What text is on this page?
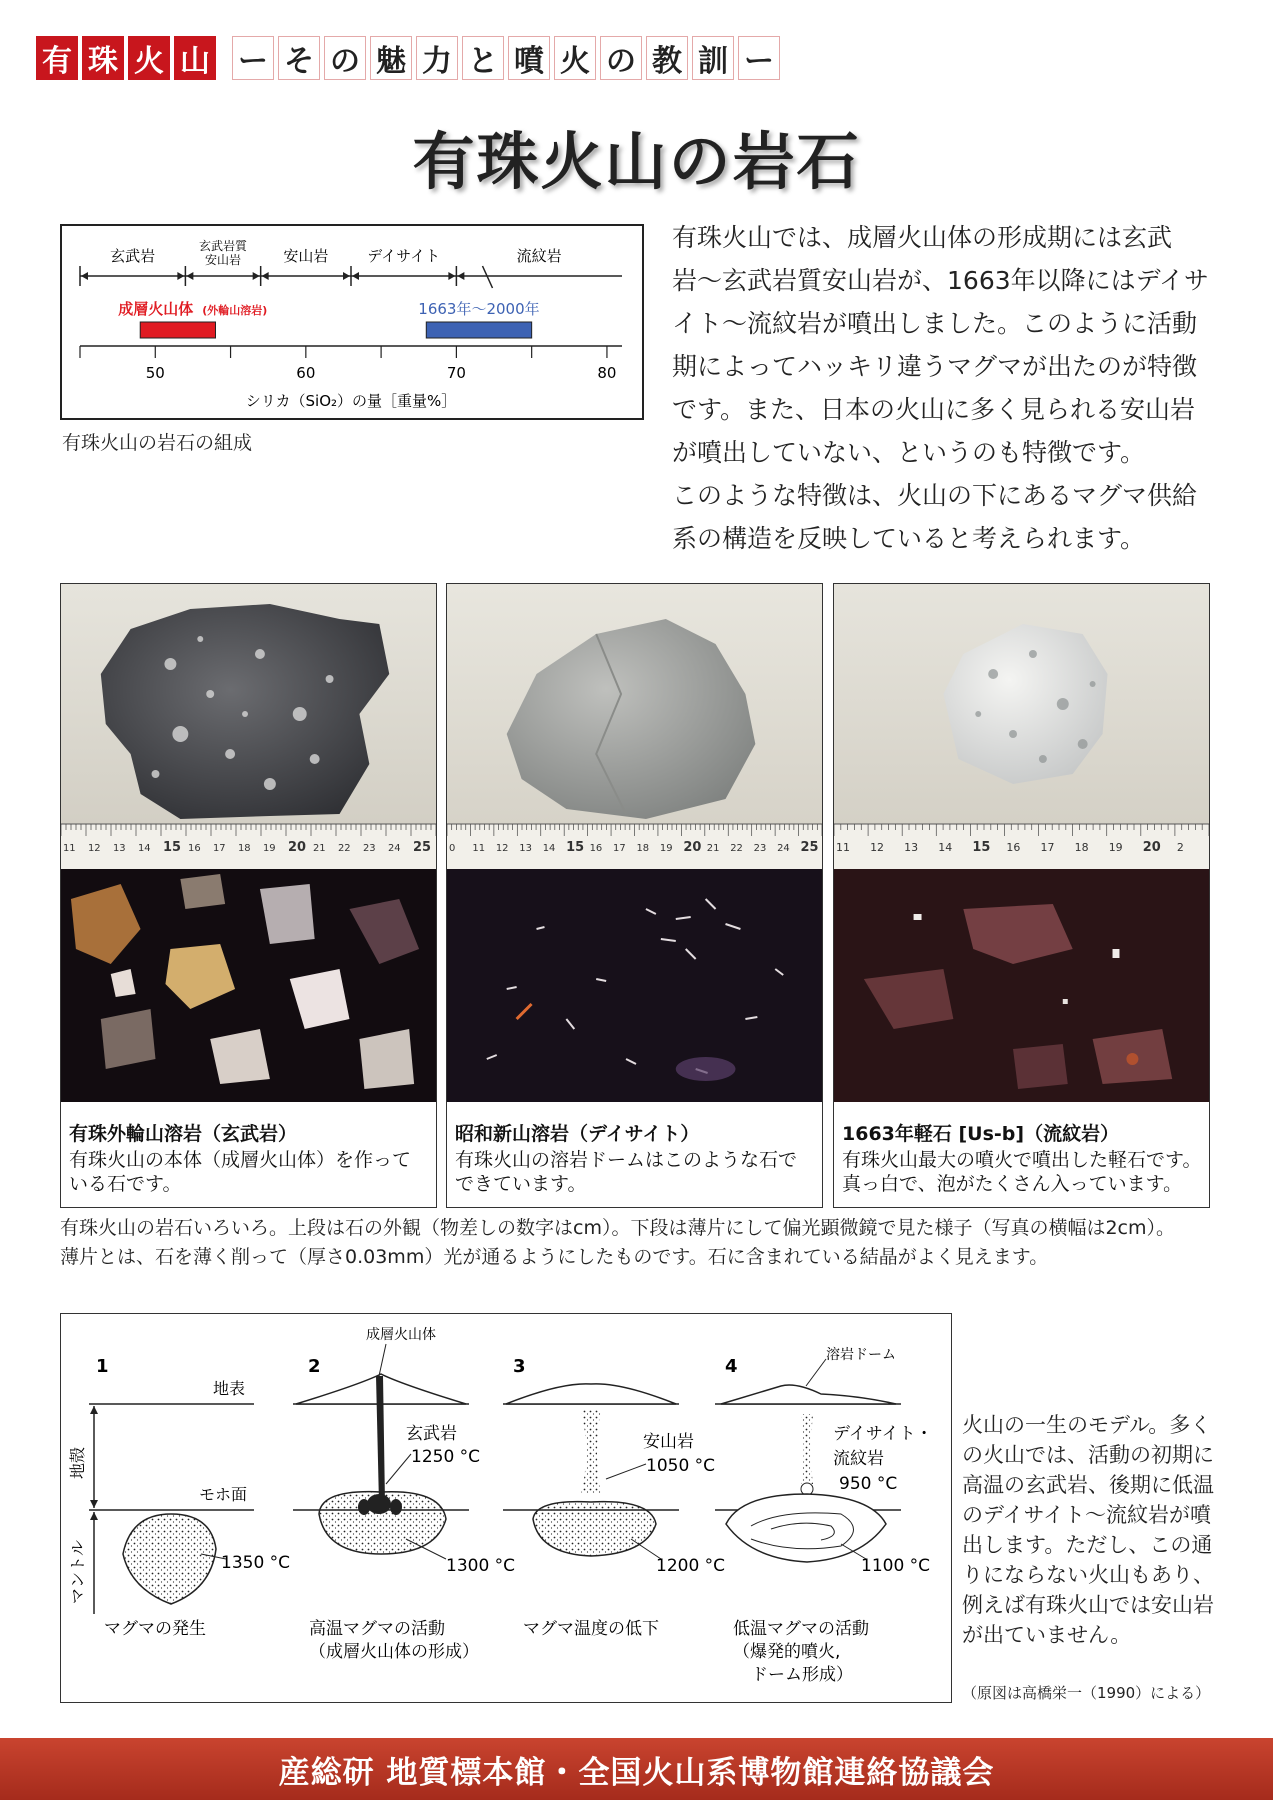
有 珠 火 山 ー そ の 魅 力 と 噴 火 の 教 訓 ー
有珠火山の岩石
玄武岩
玄武岩質
安山岩	安山岩	デイサイト	流紋岩
成層火山体 (外輪山溶岩)	1663年〜2000年
50	60	70	80
シリカ（SiO₂）の量［重量%］
有珠火山の岩石の組成

有珠火山では、成層火山体の形成期には玄武岩〜玄武岩質安山岩が、1663年以降にはデイサイト〜流紋岩が噴出しました。このように活動期によってハッキリ違うマグマが出たのが特徴です。また、日本の火山に多く見られる安山岩が噴出していない、というのも特徴です。

このような特徴は、火山の下にあるマグマ供給系の構造を反映していると考えられます。

11 12 13 14 15 16 17 18 19 20 21 22 23 24 25
有珠外輪山溶岩（玄武岩）
有珠火山の本体（成層火山体）を作っている石です。
0 11 12 13 14 15 16 17 18 19 20 21 22 23 24 25
昭和新山溶岩（デイサイト）
有珠火山の溶岩ドームはこのような石でできています。
11 12 13 14 15 16 17 18 19 20 2
1663年軽石 [Us-b]（流紋岩）
有珠火山最大の噴火で噴出した軽石です。真っ白で、泡がたくさん入っています。
有珠火山の岩石いろいろ。上段は石の外観（物差しの数字はcm）。下段は薄片にして偏光顕微鏡で見た様子（写真の横幅は2cm）。
薄片とは、石を薄く削って（厚さ0.03mm）光が通るようにしたものです。石に含まれている結晶がよく見えます。
1	2	3	4
地表
モホ面
地殻
マントル	1350 °C
成層火山体
玄武岩
1250 °C
1300 °C
安山岩
1050 °C
1200 °C
溶岩ドーム
デイサイト・
流紋岩
950 °C
1100 °C
マグマの発生	高温マグマの活動
（成層火山体の形成）
マグマ温度の低下	低温マグマの活動
（爆発的噴火,
ドーム形成）
火山の一生のモデル。多くの火山では、活動の初期に高温の玄武岩、後期に低温のデイサイト〜流紋岩が噴出します。ただし、この通りにならない火山もあり、例えば有珠火山では安山岩が出ていません。
（原図は高橋栄一（1990）による）
産総研 地質標本館・全国火山系博物館連絡協議会
